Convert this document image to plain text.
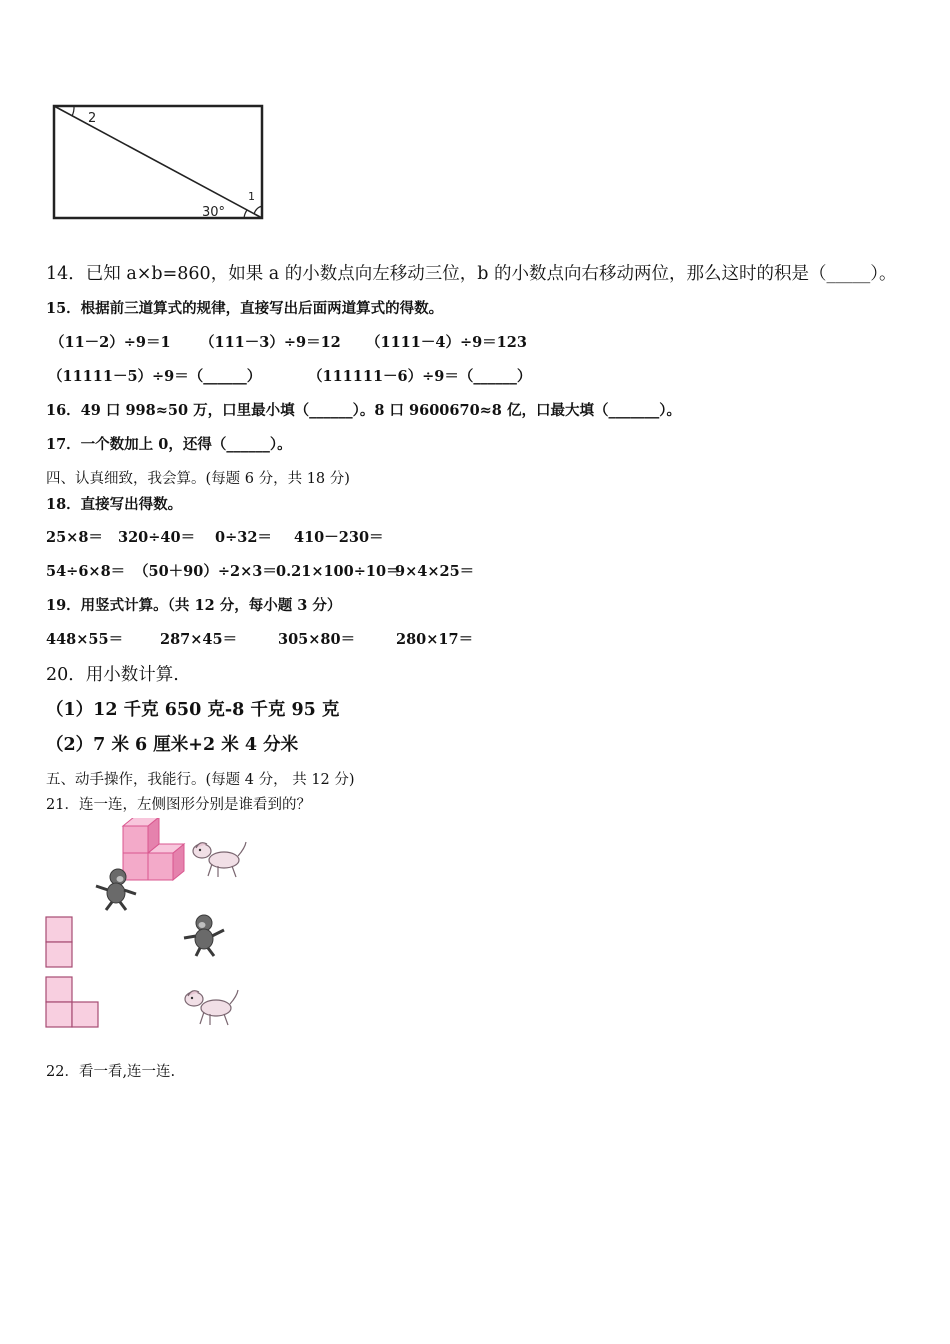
2
1
30°
14．已知 a×b=860，如果 a 的小数点向左移动三位，b 的小数点向右移动两位，那么这时的积是（_____）。
15．根据前三道算式的规律，直接写出后面两道算式的得数。
（11－2）÷9＝1 （111－3）÷9＝12 （1111－4）÷9＝123
（11111－5）÷9＝（______）	（111111－6）÷9＝（______）
16．49 口 998≈50 万，口里最小填（______）。8 口 9600670≈8 亿，口最大填（_______）。
17．一个数加上 0，还得（______）。
四、认真细致，我会算。(每题 6 分，共 18 分)
18．直接写出得数。
25×8＝ 320÷40＝ 0÷32＝ 410－230＝
54÷6×8＝ （50＋90）÷2×3＝ 0.21×100÷10＝
9×4×25＝
19．用竖式计算。（共 12 分，每小题 3 分）
448×55＝	287×45＝	305×80＝	280×17＝
20．用小数计算.
（1）12 千克 650 克-8 千克 95 克
（2）7 米 6 厘米+2 米 4 分米
五、动手操作，我能行。(每题 4 分， 共 12 分)
21．连一连，左侧图形分别是谁看到的？
22．看一看,连一连.
